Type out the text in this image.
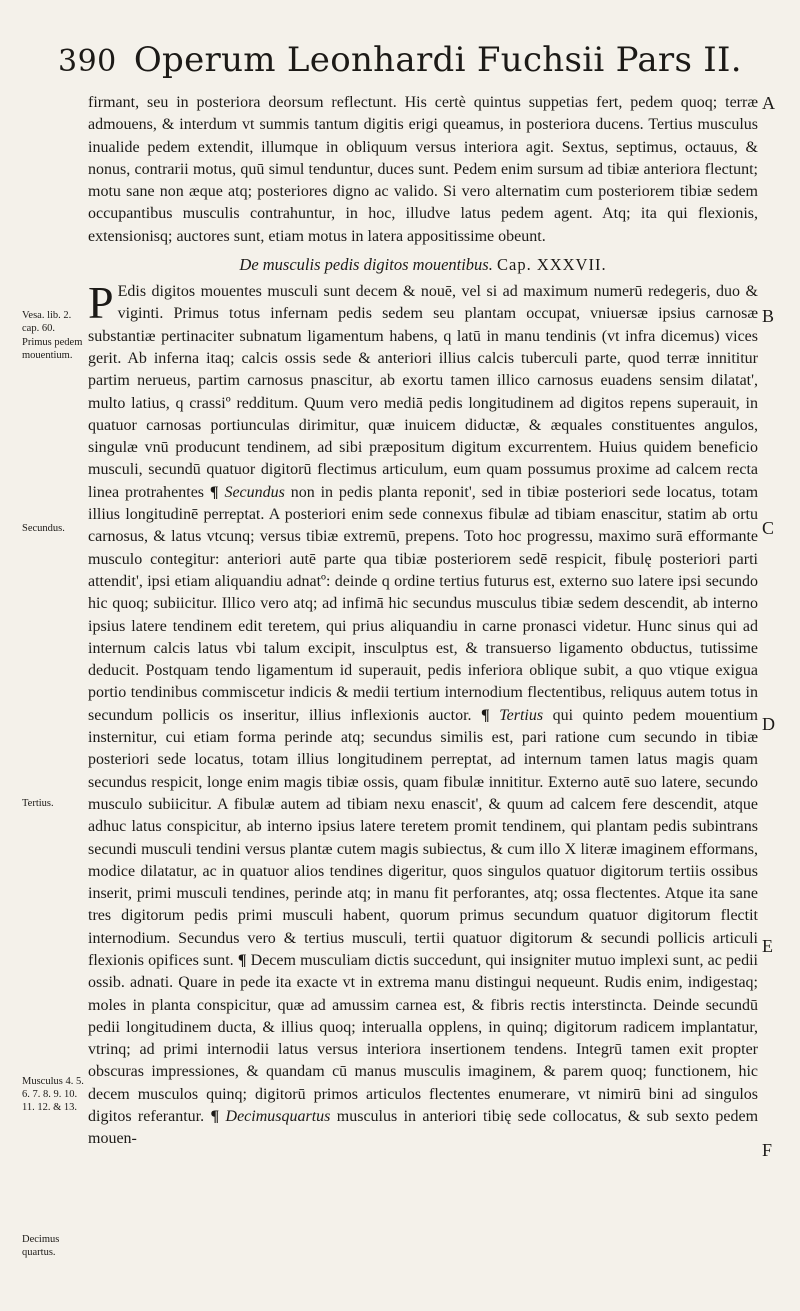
390 Operum Leonhardi Fuchsii Pars II.

firmant, seu in posteriora deorsum reflectunt. His certè quintus suppetias fert, pedem quoq; terræ admouens, & interdum vt summis tantum digitis erigi queamus, in posteriora ducens. Tertius musculus inualide pedem extendit, illumque in obliquum versus interiora agit. Sextus, septimus, octauus, & nonus, contrarii motus, quū simul tenduntur, duces sunt. Pedem enim sursum ad tibiæ anteriora flectunt; motu sane non æque atq; posteriores digno ac valido. Si vero alternatim cum posteriorem tibiæ sedem occupantibus musculis contrahuntur, in hoc, illudve latus pedem agent. Atq; ita qui flexionis, extensionisq; auctores sunt, etiam motus in latera appositissime obeunt.

De musculis pedis digitos mouentibus. Cap. XXXVII.

P Edis digitos mouentes musculi sunt decem & nouē, vel si ad maximum numerū redegeris, duo & viginti. Primus totus infernam pedis sedem seu plantam occupat, vniuersæ ipsius carnosæ substantiæ pertinaciter subnatum ligamentum habens, q latū in manu tendinis (vt infra dicemus) vices gerit. Ab inferna itaq; calcis ossis sede & anteriori illius calcis tuberculi parte, quod terræ innititur partim nerueus, partim carnosus pnascitur, ab exortu tamen illico carnosus euadens sensim dilatat', multo latius, q crassiº redditum. Quum vero mediā pedis longitudinem ad digitos repens superauit, in quatuor carnosas portiunculas dirimitur, quæ inuicem diductæ, & æquales constituentes angulos, singulæ vnū producunt tendinem, ad sibi præpositum digitum excurrentem. Huius quidem beneficio musculi, secundū quatuor digitorū flectimus articulum, eum quam possumus proxime ad calcem recta linea protrahentes ¶ Secundus non in pedis planta reponit', sed in tibiæ posteriori sede locatus, totam illius longitudinē perreptat. A posteriori enim sede connexus fibulæ ad tibiam enascitur, statim ab ortu carnosus, & latus vtcunq; versus tibiæ extremū, prepens. Toto hoc progressu, maximo surā efformante musculo contegitur: anteriori autē parte qua tibiæ posteriorem sedē respicit, fibulę posteriori parti attendit', ipsi etiam aliquandiu adnatº: deinde q ordine tertius futurus est, externo suo latere ipsi secundo hic quoq; subiicitur. Illico vero atq; ad infimā hic secundus musculus tibiæ sedem descendit, ab interno ipsius latere tendinem edit teretem, qui prius aliquandiu in carne pronasci videtur. Hunc sinus qui ad internum calcis latus vbi talum excipit, insculptus est, & transuerso ligamento obductus, tutissime deducit. Postquam tendo ligamentum id superauit, pedis inferiora oblique subit, a quo vtique exigua portio tendinibus commiscetur indicis & medii tertium internodium flectentibus, reliquus autem totus in secundum pollicis os inseritur, illius inflexionis auctor. ¶ Tertius qui quinto pedem mouentium insternitur, cui etiam forma perinde atq; secundus similis est, pari ratione cum secundo in tibiæ posteriori sede locatus, totam illius longitudinem perreptat, ad internum tamen latus magis quam secundus respicit, longe enim magis tibiæ ossis, quam fibulæ innititur. Externo autē suo latere, secundo musculo subiicitur. A fibulæ autem ad tibiam nexu enascit', & quum ad calcem fere descendit, atque adhuc latus conspicitur, ab interno ipsius latere teretem promit tendinem, qui plantam pedis subintrans secundi musculi tendini versus plantæ cutem magis subiectus, & cum illo X literæ imaginem efformans, modice dilatatur, ac in quatuor alios tendines digeritur, quos singulos quatuor digitorum tertiis ossibus inserit, primi musculi tendines, perinde atq; in manu fit perforantes, atq; ossa flectentes. Atque ita sane tres digitorum pedis primi musculi habent, quorum primus secundum quatuor digitorum flectit internodium. Secundus vero & tertius musculi, tertii quatuor digitorum & secundi pollicis articuli flexionis opifices sunt. ¶ Decem musculiam dictis succedunt, qui insigniter mutuo implexi sunt, ac pedii ossib. adnati. Quare in pede ita exacte vt in extrema manu distingui nequeunt. Rudis enim, indigestaq; moles in planta conspicitur, quæ ad amussim carnea est, & fibris rectis interstincta. Deinde secundū pedii longitudinem ducta, & illius quoq; interualla opplens, in quinq; digitorum radicem implantatur, vtrinq; ad primi internodii latus versus interiora insertionem tendens. Integrū tamen exit propter obscuras impressiones, & quandam cū manus musculis imaginem, & parem quoq; functionem, hic decem musculos quinq; digitorū primos articulos flectentes enumerare, vt nimirū bini ad singulos digitos referantur. ¶ Decimusquartus musculus in anteriori tibię sede collocatus, & sub sexto pedem mouen-

Vesa. lib. 2. cap. 60.
Primus pedem mouentium.
Secundus.
Tertius.
Musculus 4. 5. 6. 7. 8. 9. 10. 11. 12. & 13.
Decimus quartus.
A
B
C
D
E
F
